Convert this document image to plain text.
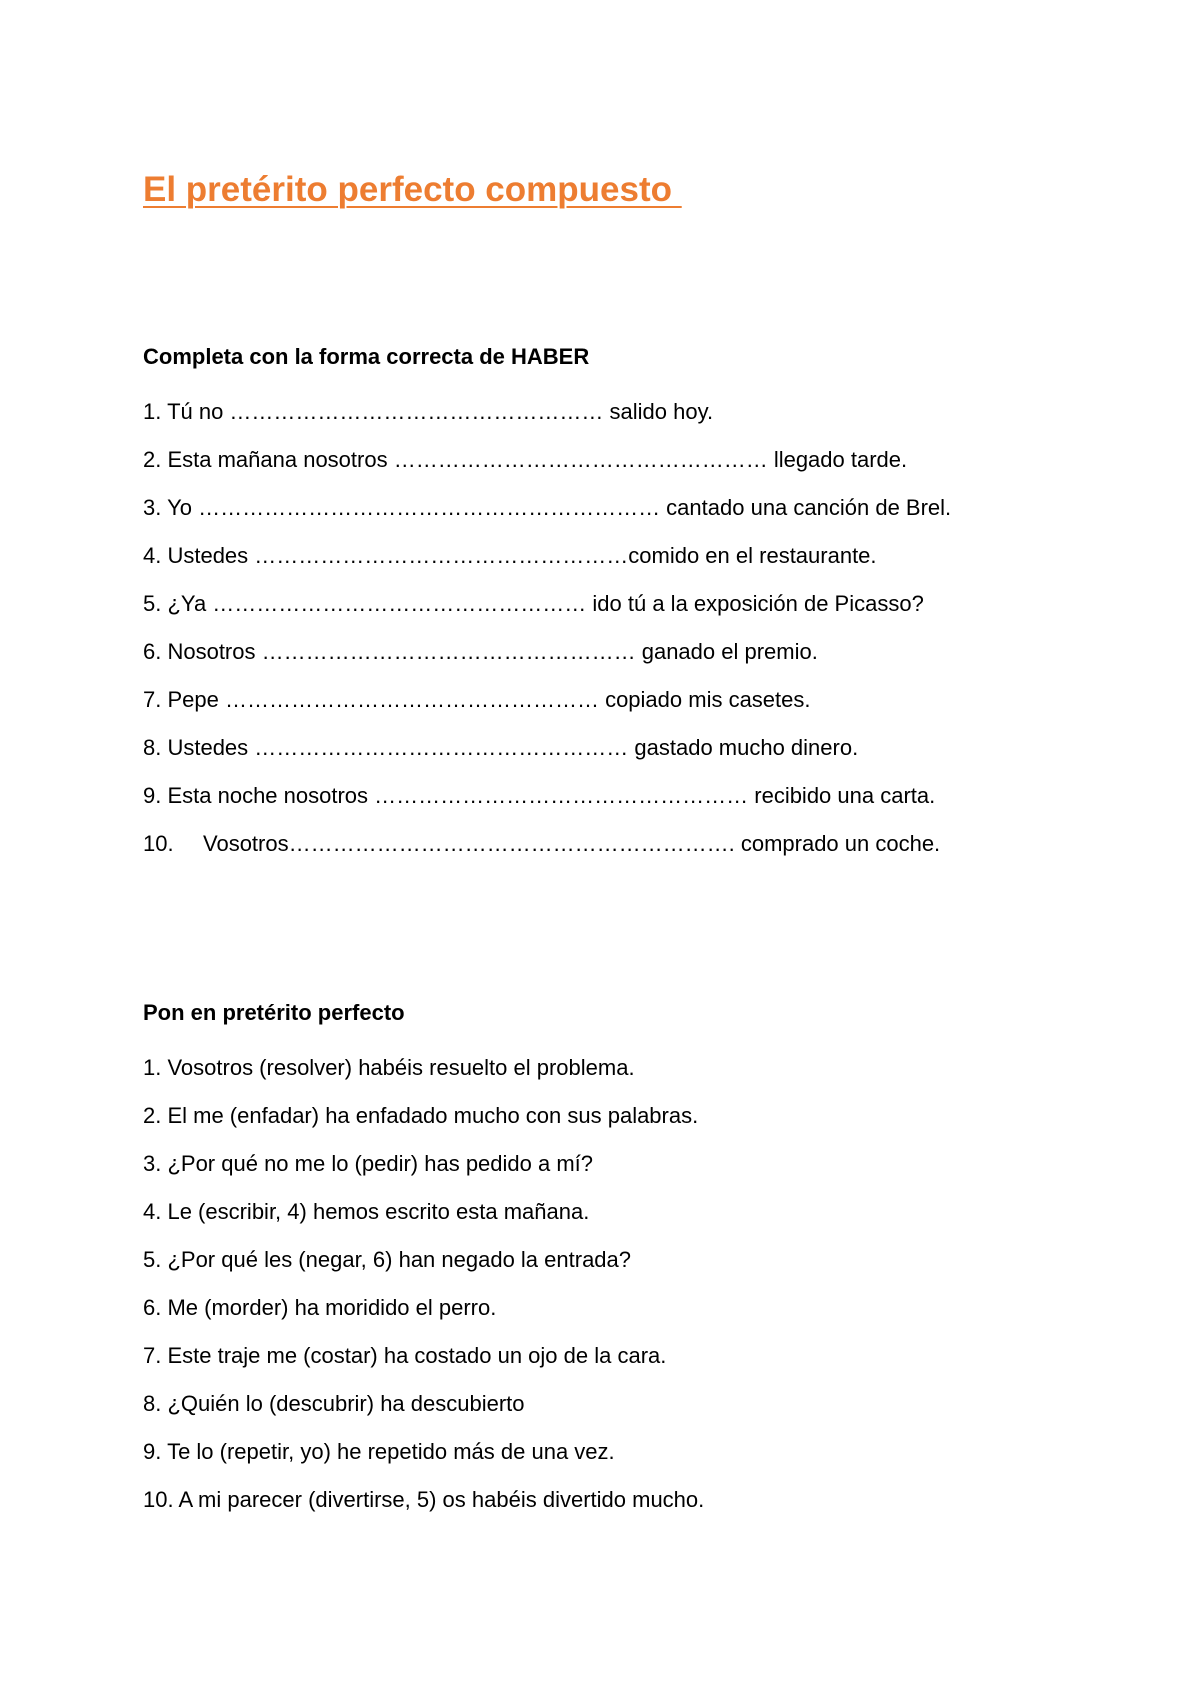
El pretérito perfecto compuesto
Completa con la forma correcta de HABER

1. Tú no …………………………………………… salido hoy.

2. Esta mañana nosotros …………………………………………… llegado tarde.

3. Yo ……………………………………………………… cantado una canción de Brel.

4. Ustedes ……………………………………………comido en el restaurante.

5. ¿Ya …………………………………………… ido tú a la exposición de Picasso?

6. Nosotros …………………………………………… ganado el premio.

7. Pepe …………………………………………… copiado mis casetes.

8. Ustedes …………………………………………… gastado mucho dinero.

9. Esta noche nosotros …………………………………………… recibido una carta.

10. Vosotros……………………………………………………. comprado un coche.

Pon en pretérito perfecto

1. Vosotros (resolver) habéis resuelto el problema.

2. El me (enfadar) ha enfadado mucho con sus palabras.

3. ¿Por qué no me lo (pedir) has pedido a mí?

4. Le (escribir, 4) hemos escrito esta mañana.

5. ¿Por qué les (negar, 6) han negado la entrada?

6. Me (morder) ha moridido el perro.

7. Este traje me (costar) ha costado un ojo de la cara.

8. ¿Quién lo (descubrir) ha descubierto

9. Te lo (repetir, yo) he repetido más de una vez.

10. A mi parecer (divertirse, 5) os habéis divertido mucho.
